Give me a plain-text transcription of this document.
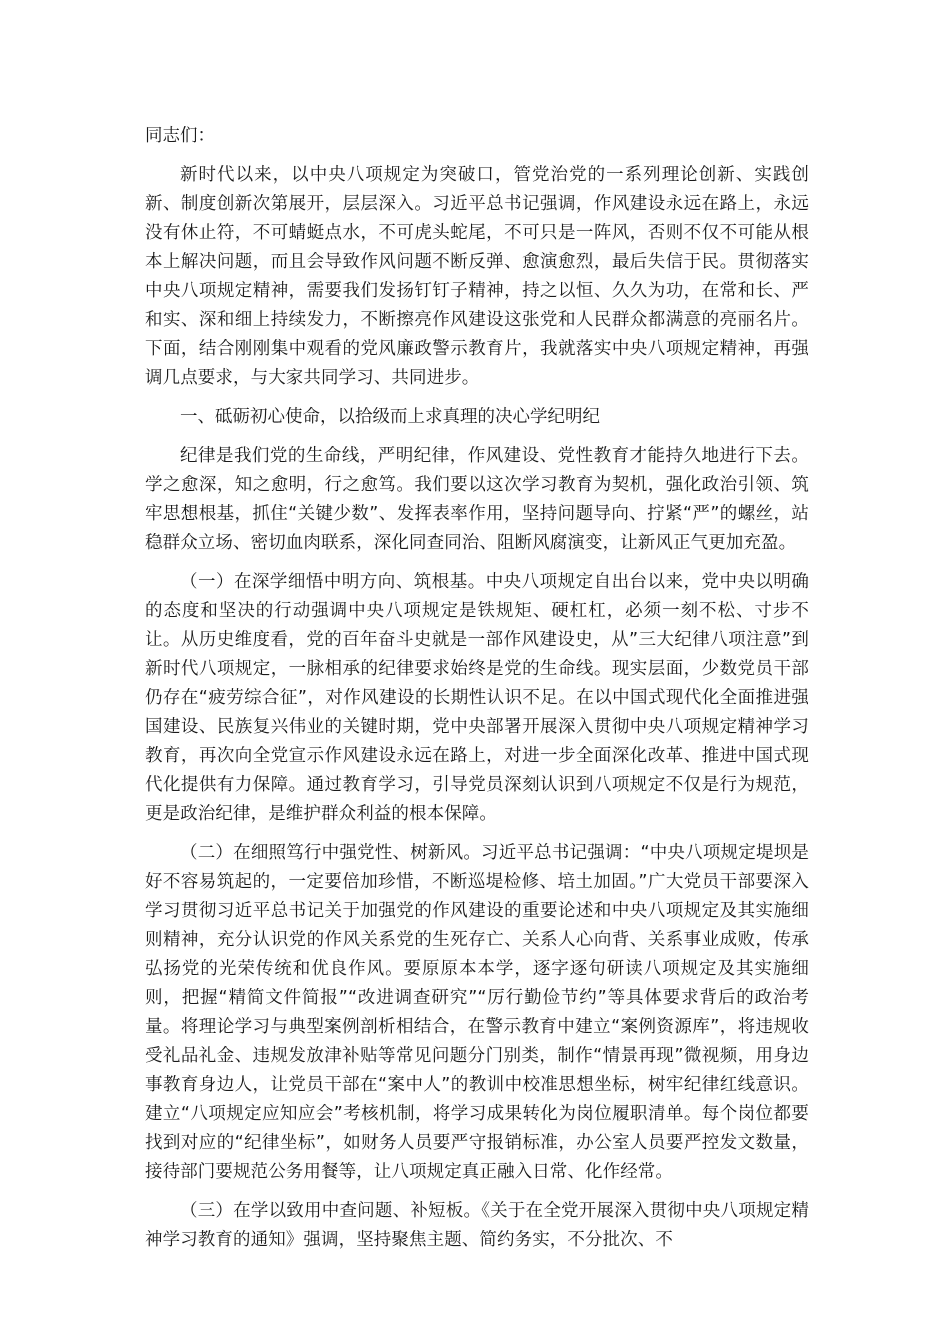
同志们：

新时代以来，以中央八项规定为突破口，管党治党的一系列理论创新、实践创新、制度创新次第展开，层层深入。习近平总书记强调，作风建设永远在路上，永远没有休止符，不可蜻蜓点水，不可虎头蛇尾，不可只是一阵风，否则不仅不可能从根本上解决问题，而且会导致作风问题不断反弹、愈演愈烈，最后失信于民。贯彻落实中央八项规定精神，需要我们发扬钉钉子精神，持之以恒、久久为功，在常和长、严和实、深和细上持续发力，不断擦亮作风建设这张党和人民群众都满意的亮丽名片。下面，结合刚刚集中观看的党风廉政警示教育片，我就落实中央八项规定精神，再强调几点要求，与大家共同学习、共同进步。

一、砥砺初心使命，以拾级而上求真理的决心学纪明纪

纪律是我们党的生命线，严明纪律，作风建设、党性教育才能持久地进行下去。学之愈深，知之愈明，行之愈笃。我们要以这次学习教育为契机，强化政治引领、筑牢思想根基，抓住“关键少数”、发挥表率作用，坚持问题导向、拧紧“严”的螺丝，站稳群众立场、密切血肉联系，深化同查同治、阻断风腐演变，让新风正气更加充盈。

（一）在深学细悟中明方向、筑根基。中央八项规定自出台以来，党中央以明确的态度和坚决的行动强调中央八项规定是铁规矩、硬杠杠，必须一刻不松、寸步不让。从历史维度看，党的百年奋斗史就是一部作风建设史，从”三大纪律八项注意”到新时代八项规定，一脉相承的纪律要求始终是党的生命线。现实层面，少数党员干部仍存在“疲劳综合征”，对作风建设的长期性认识不足。在以中国式现代化全面推进强国建设、民族复兴伟业的关键时期，党中央部署开展深入贯彻中央八项规定精神学习教育，再次向全党宣示作风建设永远在路上，对进一步全面深化改革、推进中国式现代化提供有力保障。通过教育学习，引导党员深刻认识到八项规定不仅是行为规范，更是政治纪律，是维护群众利益的根本保障。

（二）在细照笃行中强党性、树新风。习近平总书记强调：“中央八项规定堤坝是好不容易筑起的，一定要倍加珍惜，不断巡堤检修、培土加固。”广大党员干部要深入学习贯彻习近平总书记关于加强党的作风建设的重要论述和中央八项规定及其实施细则精神，充分认识党的作风关系党的生死存亡、关系人心向背、关系事业成败，传承弘扬党的光荣传统和优良作风。要原原本本学，逐字逐句研读八项规定及其实施细则，把握“精简文件简报”“改进调查研究”“厉行勤俭节约”等具体要求背后的政治考量。将理论学习与典型案例剖析相结合，在警示教育中建立“案例资源库”，将违规收受礼品礼金、违规发放津补贴等常见问题分门别类，制作“情景再现”微视频，用身边事教育身边人，让党员干部在“案中人”的教训中校准思想坐标，树牢纪律红线意识。建立“八项规定应知应会”考核机制，将学习成果转化为岗位履职清单。每个岗位都要找到对应的“纪律坐标”，如财务人员要严守报销标准，办公室人员要严控发文数量，接待部门要规范公务用餐等，让八项规定真正融入日常、化作经常。

（三）在学以致用中查问题、补短板。《关于在全党开展深入贯彻中央八项规定精神学习教育的通知》强调，坚持聚焦主题、简约务实，不分批次、不
